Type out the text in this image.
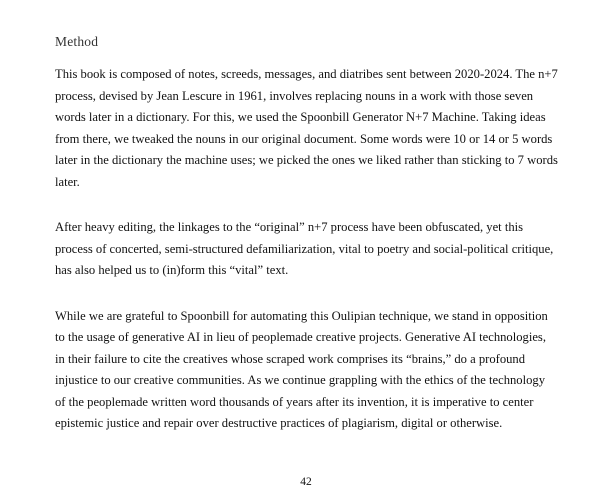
Method

This book is composed of notes, screeds, messages, and diatribes sent between 2020-2024. The n+7 process, devised by Jean Lescure in 1961, involves replacing nouns in a work with those seven words later in a dictionary. For this, we used the Spoonbill Generator N+7 Machine. Taking ideas from there, we tweaked the nouns in our original document. Some words were 10 or 14 or 5 words later in the dictionary the machine uses; we picked the ones we liked rather than sticking to 7 words later.

After heavy editing, the linkages to the “original” n+7 process have been obfuscated, yet this process of concerted, semi-structured defamiliarization, vital to poetry and social-political critique, has also helped us to (in)form this “vital” text.

While we are grateful to Spoonbill for automating this Oulipian technique, we stand in opposition to the usage of generative AI in lieu of peoplemade creative projects. Generative AI technologies, in their failure to cite the creatives whose scraped work comprises its “brains,” do a profound injustice to our creative communities. As we continue grappling with the ethics of the technology of the peoplemade written word thousands of years after its invention, it is imperative to center epistemic justice and repair over destructive practices of plagiarism, digital or otherwise.

42
